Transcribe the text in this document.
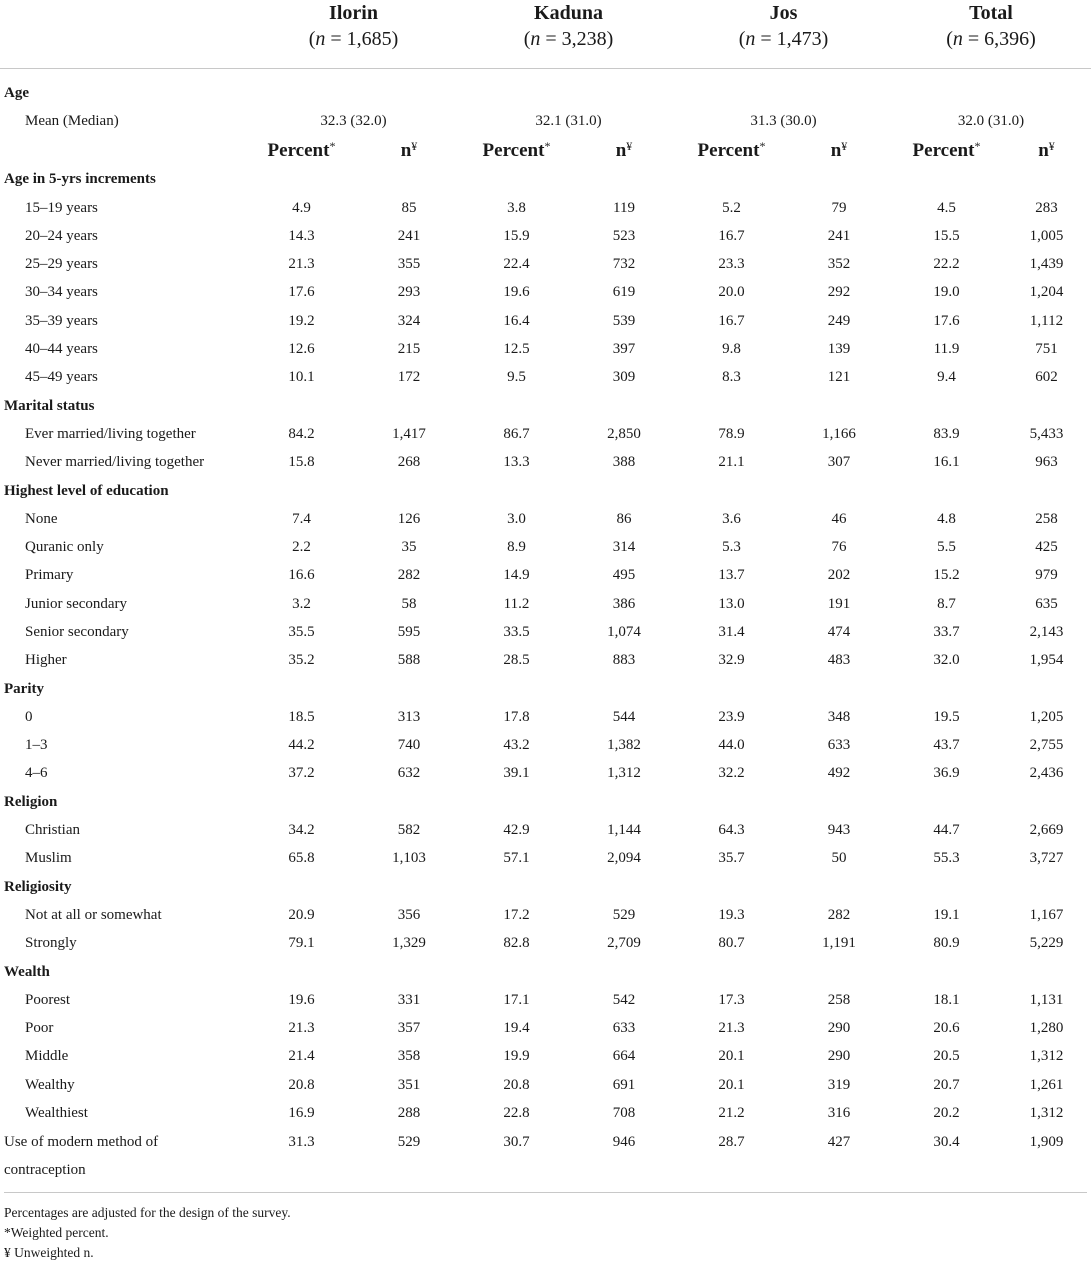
	Ilorin
(n = 1,685)		Kaduna
(n = 3,238)		Jos
(n = 1,473)		Total
(n = 6,396)	

Age								
Mean (Median)	32.3 (32.0)		32.1 (31.0)		31.3 (30.0)		32.0 (31.0)	
	Percent*	n¥	Percent*	n¥	Percent*	n¥	Percent*	n¥
Age in 5-yrs increments								
15–19 years	4.9	85	3.8	119	5.2	79	4.5	283
20–24 years	14.3	241	15.9	523	16.7	241	15.5	1,005
25–29 years	21.3	355	22.4	732	23.3	352	22.2	1,439
30–34 years	17.6	293	19.6	619	20.0	292	19.0	1,204
35–39 years	19.2	324	16.4	539	16.7	249	17.6	1,112
40–44 years	12.6	215	12.5	397	9.8	139	11.9	751
45–49 years	10.1	172	9.5	309	8.3	121	9.4	602
Marital status								
Ever married/living together	84.2	1,417	86.7	2,850	78.9	1,166	83.9	5,433
Never married/living together	15.8	268	13.3	388	21.1	307	16.1	963
Highest level of education								
None	7.4	126	3.0	86	3.6	46	4.8	258
Quranic only	2.2	35	8.9	314	5.3	76	5.5	425
Primary	16.6	282	14.9	495	13.7	202	15.2	979
Junior secondary	3.2	58	11.2	386	13.0	191	8.7	635
Senior secondary	35.5	595	33.5	1,074	31.4	474	33.7	2,143
Higher	35.2	588	28.5	883	32.9	483	32.0	1,954
Parity								
0	18.5	313	17.8	544	23.9	348	19.5	1,205
1–3	44.2	740	43.2	1,382	44.0	633	43.7	2,755
4–6	37.2	632	39.1	1,312	32.2	492	36.9	2,436
Religion								
Christian	34.2	582	42.9	1,144	64.3	943	44.7	2,669
Muslim	65.8	1,103	57.1	2,094	35.7	50	55.3	3,727
Religiosity								
Not at all or somewhat	20.9	356	17.2	529	19.3	282	19.1	1,167
Strongly	79.1	1,329	82.8	2,709	80.7	1,191	80.9	5,229
Wealth								
Poorest	19.6	331	17.1	542	17.3	258	18.1	1,131
Poor	21.3	357	19.4	633	21.3	290	20.6	1,280
Middle	21.4	358	19.9	664	20.1	290	20.5	1,312
Wealthy	20.8	351	20.8	691	20.1	319	20.7	1,261
Wealthiest	16.9	288	22.8	708	21.2	316	20.2	1,312

Use of modern method of
contraception	31.3	529	30.7	946	28.7	427	30.4	1,909
Percentages are adjusted for the design of the survey.
*Weighted percent.
¥ Unweighted n.
